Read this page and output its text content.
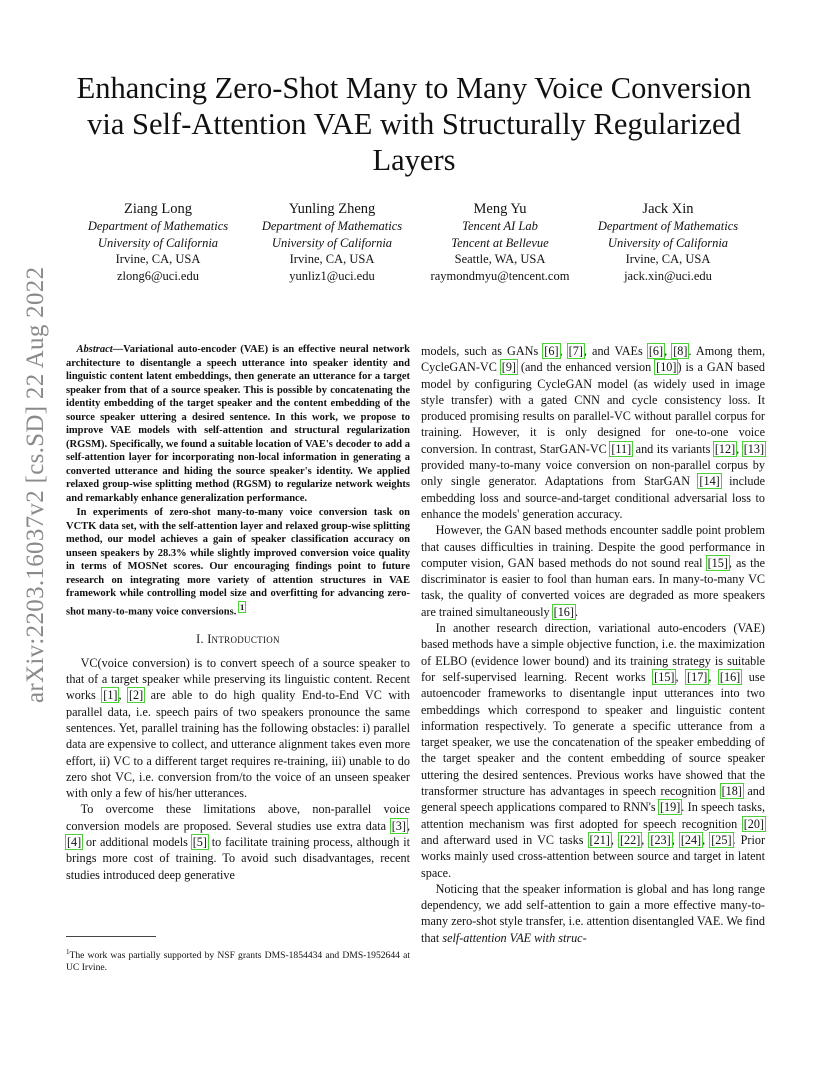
arXiv:2203.16037v2 [cs.SD] 22 Aug 2022
Enhancing Zero-Shot Many to Many Voice Conversion via Self-Attention VAE with Structurally Regularized Layers
Ziang Long
Department of Mathematics
University of California
Irvine, CA, USA
zlong6@uci.edu
Yunling Zheng
Department of Mathematics
University of California
Irvine, CA, USA
yunliz1@uci.edu
Meng Yu
Tencent AI Lab
Tencent at Bellevue
Seattle, WA, USA
raymondmyu@tencent.com
Jack Xin
Department of Mathematics
University of California
Irvine, CA, USA
jack.xin@uci.edu

Abstract—Variational auto-encoder (VAE) is an effective neural network architecture to disentangle a speech utterance into speaker identity and linguistic content latent embeddings, then generate an utterance for a target speaker from that of a source speaker. This is possible by concatenating the identity embedding of the target speaker and the content embedding of the source speaker uttering a desired sentence. In this work, we propose to improve VAE models with self-attention and structural regularization (RGSM). Specifically, we found a suitable location of VAE's decoder to add a self-attention layer for incorporating non-local information in generating a converted utterance and hiding the source speaker's identity. We applied relaxed group-wise splitting method (RGSM) to regularize network weights and remarkably enhance generalization performance.

In experiments of zero-shot many-to-many voice conversion task on VCTK data set, with the self-attention layer and relaxed group-wise splitting method, our model achieves a gain of speaker classification accuracy on unseen speakers by 28.3% while slightly improved conversion voice quality in terms of MOSNet scores. Our encouraging findings point to future research on integrating more variety of attention structures in VAE framework while controlling model size and overfitting for advancing zero-shot many-to-many voice conversions. $^1$

I. Introduction

VC(voice conversion) is to convert speech of a source speaker to that of a target speaker while preserving its linguistic content. Recent works [1], [2] are able to do high quality End-to-End VC with parallel data, i.e. speech pairs of two speakers pronounce the same sentences. Yet, parallel training has the following obstacles: i) parallel data are expensive to collect, and utterance alignment takes even more effort, ii) VC to a different target requires re-training, iii) unable to do zero shot VC, i.e. conversion from/to the voice of an unseen speaker with only a few of his/her utterances.

To overcome these limitations above, non-parallel voice conversion models are proposed. Several studies use extra data [3], [4] or additional models [5] to facilitate training process, although it brings more cost of training. To avoid such disadvantages, recent studies introduced deep generative

$^1$The work was partially supported by NSF grants DMS-1854434 and DMS-1952644 at UC Irvine.

models, such as GANs [6], [7], and VAEs [6], [8]. Among them, CycleGAN-VC [9] (and the enhanced version [10]) is a GAN based model by configuring CycleGAN model (as widely used in image style transfer) with a gated CNN and cycle consistency loss. It produced promising results on parallel-VC without parallel corpus for training. However, it is only designed for one-to-one voice conversion. In contrast, StarGAN-VC [11] and its variants [12], [13] provided many-to-many voice conversion on non-parallel corpus by only single generator. Adaptations from StarGAN [14] include embedding loss and source-and-target conditional adversarial loss to enhance the models' generation accuracy.

However, the GAN based methods encounter saddle point problem that causes difficulties in training. Despite the good performance in computer vision, GAN based methods do not sound real [15], as the discriminator is easier to fool than human ears. In many-to-many VC task, the quality of converted voices are degraded as more speakers are trained simultaneously [16].

In another research direction, variational auto-encoders (VAE) based methods have a simple objective function, i.e. the maximization of ELBO (evidence lower bound) and its training strategy is suitable for self-supervised learning. Recent works [15], [17], [16] use autoencoder frameworks to disentangle input utterances into two embeddings which correspond to speaker and linguistic content information respectively. To generate a specific utterance from a target speaker, we use the concatenation of the speaker embedding of the target speaker and the content embedding of source speaker uttering the desired sentences. Previous works have showed that the transformer structure has advantages in speech recognition [18] and general speech applications compared to RNN's [19]. In speech tasks, attention mechanism was first adopted for speech recognition [20] and afterward used in VC tasks [21], [22], [23], [24], [25]. Prior works mainly used cross-attention between source and target in latent space.

Noticing that the speaker information is global and has long range dependency, we add self-attention to gain a more effective many-to-many zero-shot style transfer, i.e. attention disentangled VAE. We find that self-attention VAE with struc-
